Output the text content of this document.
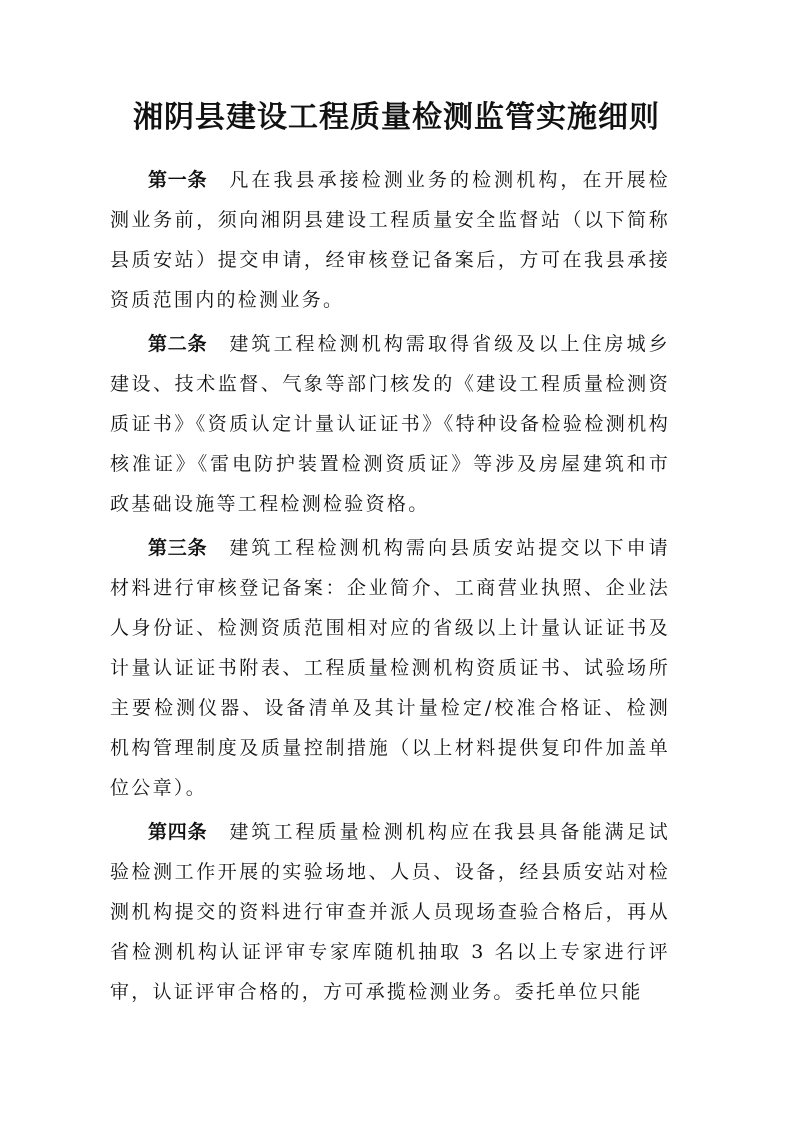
湘阴县建设工程质量检测监管实施细则

第一条 凡在我县承接检测业务的检测机构，在开展检测业务前，须向湘阴县建设工程质量安全监督站（以下简称县质安站）提交申请，经审核登记备案后，方可在我县承接资质范围内的检测业务。

第二条 建筑工程检测机构需取得省级及以上住房城乡建设、技术监督、气象等部门核发的《建设工程质量检测资质证书》《资质认定计量认证证书》《特种设备检验检测机构核准证》《雷电防护装置检测资质证》等涉及房屋建筑和市政基础设施等工程检测检验资格。

第三条 建筑工程检测机构需向县质安站提交以下申请材料进行审核登记备案：企业简介、工商营业执照、企业法人身份证、检测资质范围相对应的省级以上计量认证证书及计量认证证书附表、工程质量检测机构资质证书、试验场所主要检测仪器、设备清单及其计量检定/校准合格证、检测机构管理制度及质量控制措施（以上材料提供复印件加盖单位公章）。

第四条 建筑工程质量检测机构应在我县具备能满足试验检测工作开展的实验场地、人员、设备，经县质安站对检测机构提交的资料进行审查并派人员现场查验合格后，再从省检测机构认证评审专家库随机抽取 3 名以上专家进行评审，认证评审合格的，方可承揽检测业务。委托单位只能
